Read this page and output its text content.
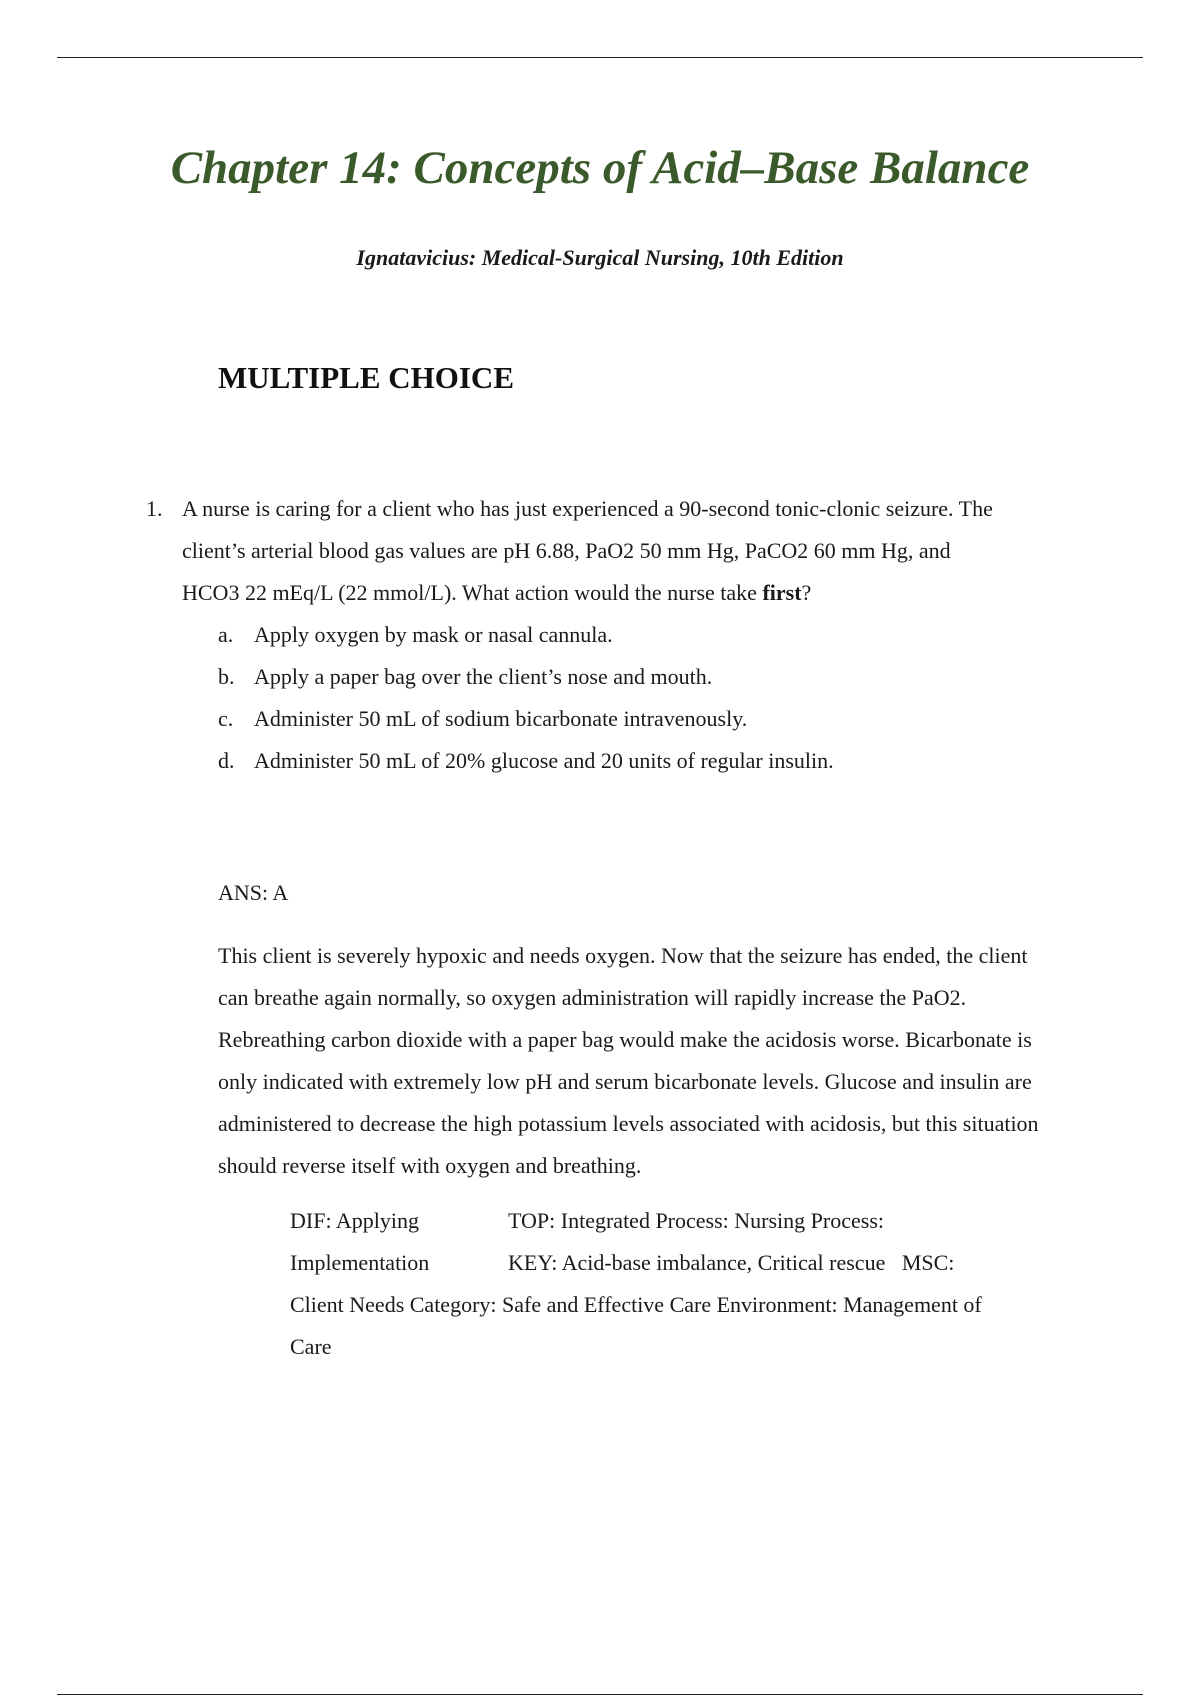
Chapter 14: Concepts of Acid–Base Balance

Ignatavicius: Medical-Surgical Nursing, 10th Edition

MULTIPLE CHOICE
1. A nurse is caring for a client who has just experienced a 90-second tonic-clonic seizure. The client’s arterial blood gas values are pH 6.88, PaO2 50 mm Hg, PaCO2 60 mm Hg, and HCO3 22 mEq/L (22 mmol/L). What action would the nurse take first?
a. Apply oxygen by mask or nasal cannula.
b. Apply a paper bag over the client’s nose and mouth.
c. Administer 50 mL of sodium bicarbonate intravenously.
d. Administer 50 mL of 20% glucose and 20 units of regular insulin.
ANS: A

This client is severely hypoxic and needs oxygen. Now that the seizure has ended, the client can breathe again normally, so oxygen administration will rapidly increase the PaO2. Rebreathing carbon dioxide with a paper bag would make the acidosis worse. Bicarbonate is only indicated with extremely low pH and serum bicarbonate levels. Glucose and insulin are administered to decrease the high potassium levels associated with acidosis, but this situation should reverse itself with oxygen and breathing.

DIF: Applying	TOP: Integrated Process: Nursing Process:
Implementation	KEY: Acid-base imbalance, Critical rescue   MSC:
Client Needs Category: Safe and Effective Care Environment: Management of
Care
